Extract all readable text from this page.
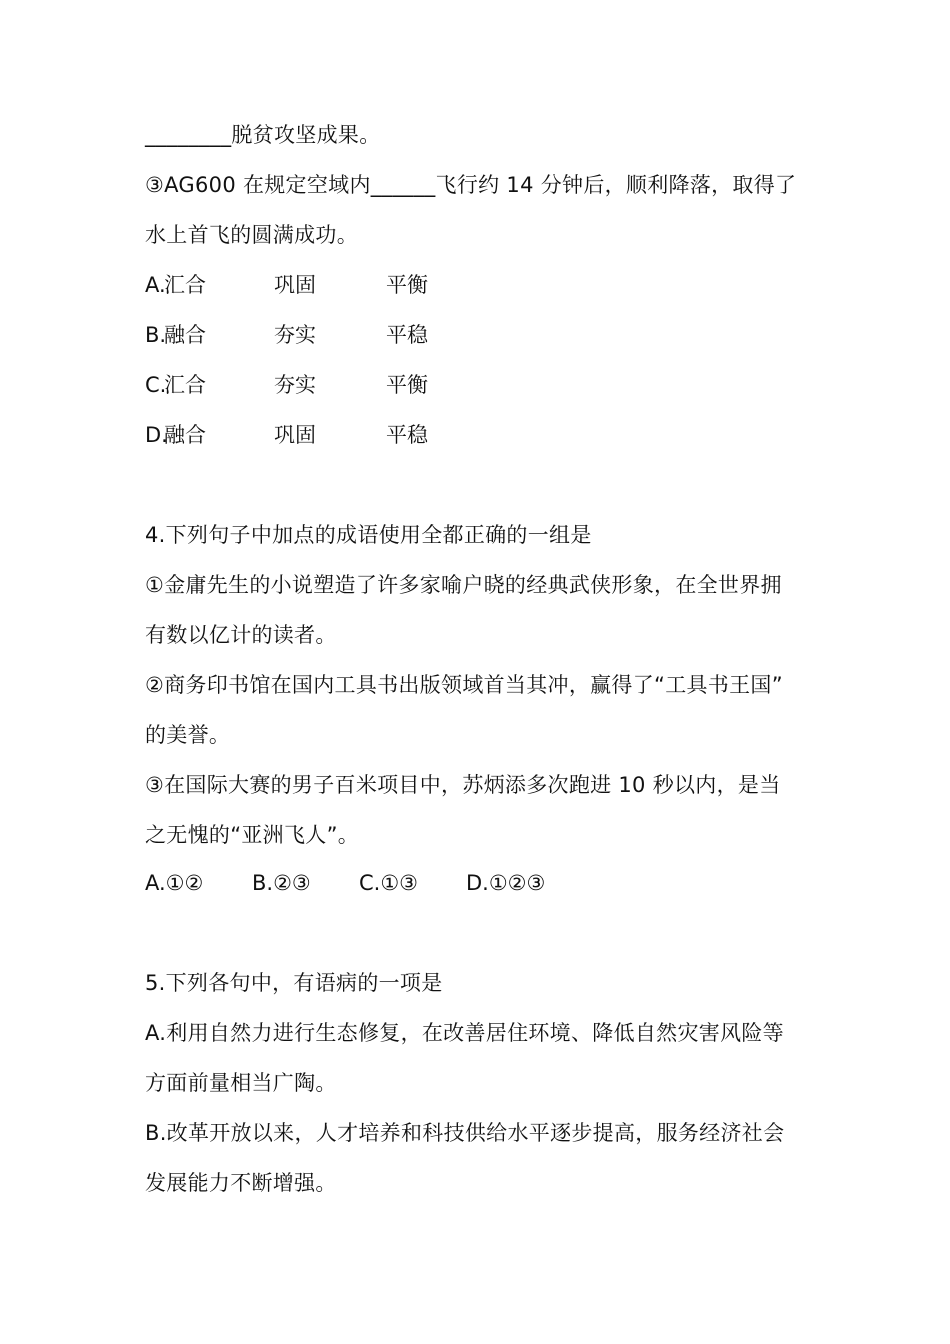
________脱贫攻坚成果。
③AG600 在规定空域内______飞行约 14 分钟后，顺利降落，取得了
水上首飞的圆满成功。
A.
汇合	巩固	平衡
B.
融合	夯实	平稳
C.
汇合	夯实	平衡
D.
融合	巩固	平稳
4.下列句子中加点的成语使用全都正确的一组是
①金庸先生的小说塑造了许多家喻户晓的经典武侠形象，在全世界拥
有数以亿计的读者。
②商务印书馆在国内工具书出版领域首当其冲，赢得了“工具书王国”
的美誉。
③在国际大赛的男子百米项目中，苏炳添多次跑进 10 秒以内，是当
之无愧的“亚洲飞人”。
A.①② B.②③ C.①③ D.①②③
5.下列各句中，有语病的一项是
A.利用自然力进行生态修复，在改善居住环境、降低自然灾害风险等
方面前量相当广陶。
B.改革开放以来，人才培养和科技供给水平逐步提高，服务经济社会
发展能力不断增强。
